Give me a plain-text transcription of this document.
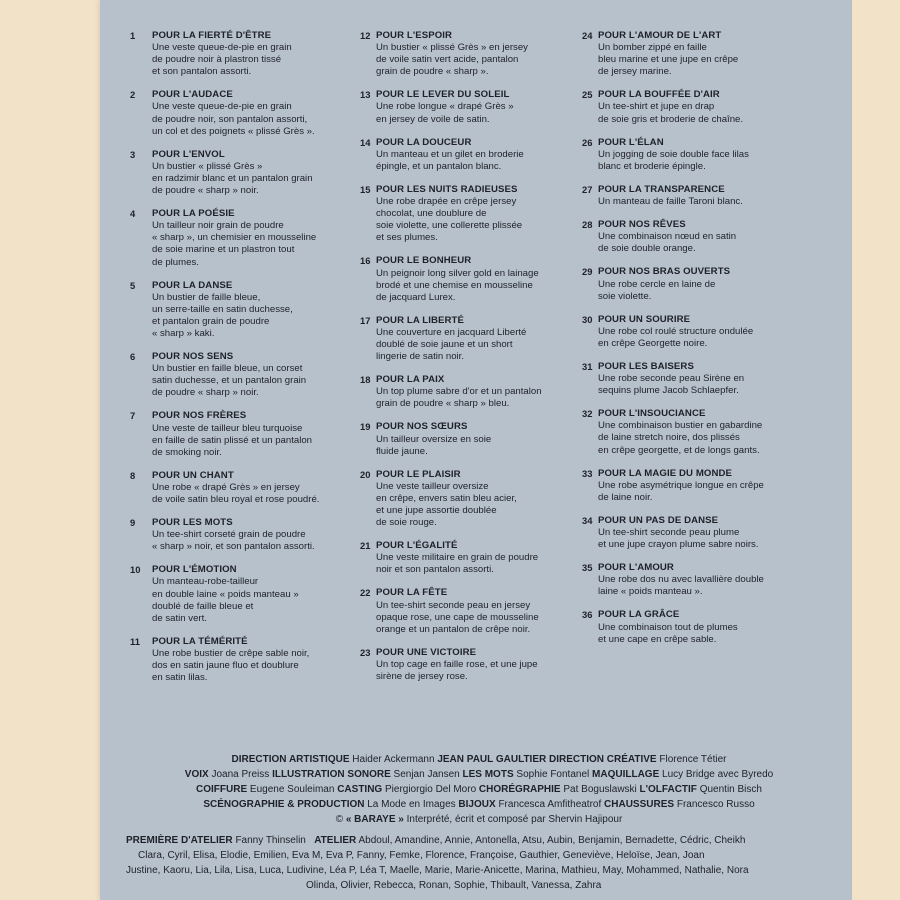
1	POUR LA FIERTÉ D'ÊTRE
Une veste queue-de-pie en grain
de poudre noir à plastron tissé
et son pantalon assorti.
2	POUR L'AUDACE
Une veste queue-de-pie en grain
de poudre noir, son pantalon assorti,
un col et des poignets « plissé Grès ».
3	POUR L'ENVOL
Un bustier « plissé Grès »
en radzimir blanc et un pantalon grain
de poudre « sharp » noir.
4	POUR LA POÉSIE
Un tailleur noir grain de poudre
« sharp », un chemisier en mousseline
de soie marine et un plastron tout
de plumes.
5	POUR LA DANSE
Un bustier de faille bleue,
un serre-taille en satin duchesse,
et pantalon grain de poudre
« sharp » kaki.
6	POUR NOS SENS
Un bustier en faille bleue, un corset
satin duchesse, et un pantalon grain
de poudre « sharp » noir.
7	POUR NOS FRÈRES
Une veste de tailleur bleu turquoise
en faille de satin plissé et un pantalon
de smoking noir.
8	POUR UN CHANT
Une robe « drapé Grès » en jersey
de voile satin bleu royal et rose poudré.
9	POUR LES MOTS
Un tee-shirt corseté grain de poudre
« sharp » noir, et son pantalon assorti.
10	POUR L'ÉMOTION
Un manteau-robe-tailleur
en double laine « poids manteau »
doublé de faille bleue et
de satin vert.
11	POUR LA TÉMÉRITÉ
Une robe bustier de crêpe sable noir,
dos en satin jaune fluo et doublure
en satin lilas.
12 POUR L'ESPOIR
Un bustier « plissé Grès » en jersey
de voile satin vert acide, pantalon
grain de poudre « sharp ».
13 POUR LE LEVER DU SOLEIL
Une robe longue « drapé Grès »
en jersey de voile de satin.
14 POUR LA DOUCEUR
Un manteau et un gilet en broderie
épingle, et un pantalon blanc.
15 POUR LES NUITS RADIEUSES
Une robe drapée en crêpe jersey
chocolat, une doublure de
soie violette, une collerette plissée
et ses plumes.
16 POUR LE BONHEUR
Un peignoir long silver gold en lainage
brodé et une chemise en mousseline
de jacquard Lurex.
17 POUR LA LIBERTÉ
Une couverture en jacquard Liberté
doublé de soie jaune et un short
lingerie de satin noir.
18 POUR LA PAIX
Un top plume sabre d'or et un pantalon
grain de poudre « sharp » bleu.
19 POUR NOS SŒURS
Un tailleur oversize en soie
fluide jaune.
20 POUR LE PLAISIR
Une veste tailleur oversize
en crêpe, envers satin bleu acier,
et une jupe assortie doublée
de soie rouge.
21 POUR L'ÉGALITÉ
Une veste militaire en grain de poudre
noir et son pantalon assorti.
22 POUR LA FÊTE
Un tee-shirt seconde peau en jersey
opaque rose, une cape de mousseline
orange et un pantalon de crêpe noir.
23 POUR UNE VICTOIRE
Un top cage en faille rose, et une jupe
sirène de jersey rose.
24 POUR L'AMOUR DE L'ART
Un bomber zippé en faille
bleu marine et une jupe en crêpe
de jersey marine.
25 POUR LA BOUFFÉE D'AIR
Un tee-shirt et jupe en drap
de soie gris et broderie de chaîne.
26 POUR L'ÉLAN
Un jogging de soie double face lilas
blanc et broderie épingle.
27 POUR LA TRANSPARENCE
Un manteau de faille Taroni blanc.
28 POUR NOS RÊVES
Une combinaison nœud en satin
de soie double orange.
29 POUR NOS BRAS OUVERTS
Une robe cercle en laine de
soie violette.
30 POUR UN SOURIRE
Une robe col roulé structure ondulée
en crêpe Georgette noire.
31 POUR LES BAISERS
Une robe seconde peau Sirène en
sequins plume Jacob Schlaepfer.
32 POUR L'INSOUCIANCE
Une combinaison bustier en gabardine
de laine stretch noire, dos plissés
en crêpe georgette, et de longs gants.
33 POUR LA MAGIE DU MONDE
Une robe asymétrique longue en crêpe
de laine noir.
34 POUR UN PAS DE DANSE
Un tee-shirt seconde peau plume
et une jupe crayon plume sabre noirs.
35 POUR L'AMOUR
Une robe dos nu avec lavallière double
laine « poids manteau ».
36 POUR LA GRÂCE
Une combinaison tout de plumes
et une cape en crêpe sable.
DIRECTION ARTISTIQUE Haider Ackermann JEAN PAUL GAULTIER DIRECTION CRÉATIVE Florence Tétier
VOIX Joana Preiss ILLUSTRATION SONORE Senjan Jansen LES MOTS Sophie Fontanel MAQUILLAGE Lucy Bridge avec Byredo
COIFFURE Eugene Souleiman CASTING Piergiorgio Del Moro CHORÉGRAPHIE Pat Boguslawski L'OLFACTIF Quentin Bisch
SCÉNOGRAPHIE & PRODUCTION La Mode en Images BIJOUX Francesca Amfitheatrof CHAUSSURES Francesco Russo
© « BARAYE » Interprété, écrit et composé par Shervin Hajipour
PREMIÈRE D'ATELIER Fanny Thinselin ATELIER Abdoul, Amandine, Annie, Antonella, Atsu, Aubin, Benjamin, Bernadette, Cédric, Cheikh
Clara, Cyril, Elisa, Elodie, Emilien, Eva M, Eva P, Fanny, Femke, Florence, Françoise, Gauthier, Geneviève, Heloïse, Jean, Joan
Justine, Kaoru, Lia, Lila, Lisa, Luca, Ludivine, Léa P, Léa T, Maelle, Marie, Marie-Anicette, Marina, Mathieu, May, Mohammed, Nathalie, Nora
Olinda, Olivier, Rebecca, Ronan, Sophie, Thibault, Vanessa, Zahra
